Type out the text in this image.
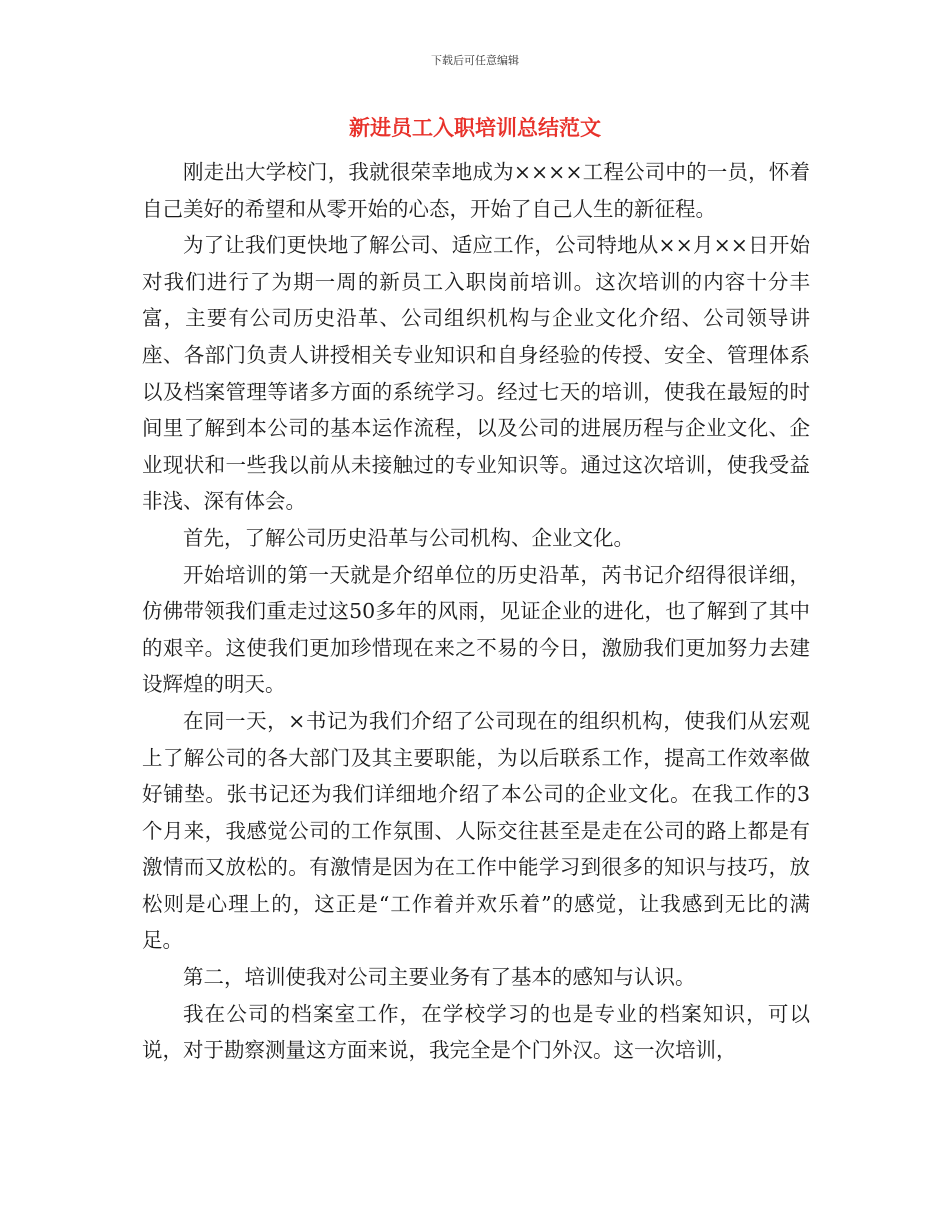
下载后可任意编辑
新进员工入职培训总结范文

刚走出大学校门，我就很荣幸地成为××××工程公司中的一员，怀着自己美好的希望和从零开始的心态，开始了自己人生的新征程。

为了让我们更快地了解公司、适应工作，公司特地从××月××日开始对我们进行了为期一周的新员工入职岗前培训。这次培训的内容十分丰富，主要有公司历史沿革、公司组织机构与企业文化介绍、公司领导讲座、各部门负责人讲授相关专业知识和自身经验的传授、安全、管理体系以及档案管理等诸多方面的系统学习。经过七天的培训，使我在最短的时间里了解到本公司的基本运作流程，以及公司的进展历程与企业文化、企业现状和一些我以前从未接触过的专业知识等。通过这次培训，使我受益非浅、深有体会。

首先，了解公司历史沿革与公司机构、企业文化。

开始培训的第一天就是介绍单位的历史沿革，芮书记介绍得很详细，仿佛带领我们重走过这50多年的风雨，见证企业的进化，也了解到了其中的艰辛。这使我们更加珍惜现在来之不易的今日，激励我们更加努力去建设辉煌的明天。

在同一天，×书记为我们介绍了公司现在的组织机构，使我们从宏观上了解公司的各大部门及其主要职能，为以后联系工作，提高工作效率做好铺垫。张书记还为我们详细地介绍了本公司的企业文化。在我工作的3个月来，我感觉公司的工作氛围、人际交往甚至是走在公司的路上都是有激情而又放松的。有激情是因为在工作中能学习到很多的知识与技巧，放松则是心理上的，这正是“工作着并欢乐着”的感觉，让我感到无比的满足。

第二，培训使我对公司主要业务有了基本的感知与认识。

我在公司的档案室工作，在学校学习的也是专业的档案知识，可以说，对于勘察测量这方面来说，我完全是个门外汉。这一次培训，
